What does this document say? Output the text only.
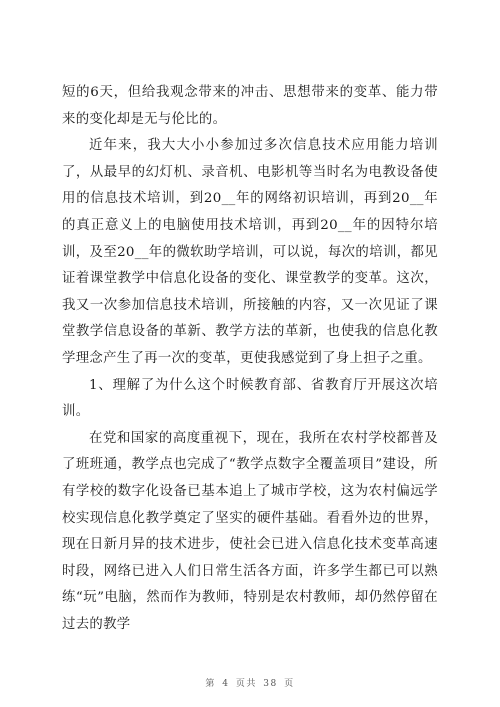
短的6天，但给我观念带来的冲击、思想带来的变革、能力带来的变化却是无与伦比的。

近年来，我大大小小参加过多次信息技术应用能力培训了，从最早的幻灯机、录音机、电影机等当时名为电教设备使用的信息技术培训，到20__年的网络初识培训，再到20__年的真正意义上的电脑使用技术培训，再到20__年的因特尔培训，及至20__年的微软助学培训，可以说，每次的培训，都见证着课堂教学中信息化设备的变化、课堂教学的变革。这次，我又一次参加信息技术培训，所接触的内容，又一次见证了课堂教学信息设备的革新、教学方法的革新，也使我的信息化教学理念产生了再一次的变革，更使我感觉到了身上担子之重。

1、理解了为什么这个时候教育部、省教育厅开展这次培训。

在党和国家的高度重视下，现在，我所在农村学校都普及了班班通，教学点也完成了“教学点数字全覆盖项目”建设，所有学校的数字化设备已基本追上了城市学校，这为农村偏远学校实现信息化教学奠定了坚实的硬件基础。看看外边的世界，现在日新月异的技术进步，使社会已进入信息化技术变革高速时段，网络已进入人们日常生活各方面，许多学生都已可以熟练“玩”电脑，然而作为教师，特别是农村教师，却仍然停留在过去的教学

第 4 页共 38 页
